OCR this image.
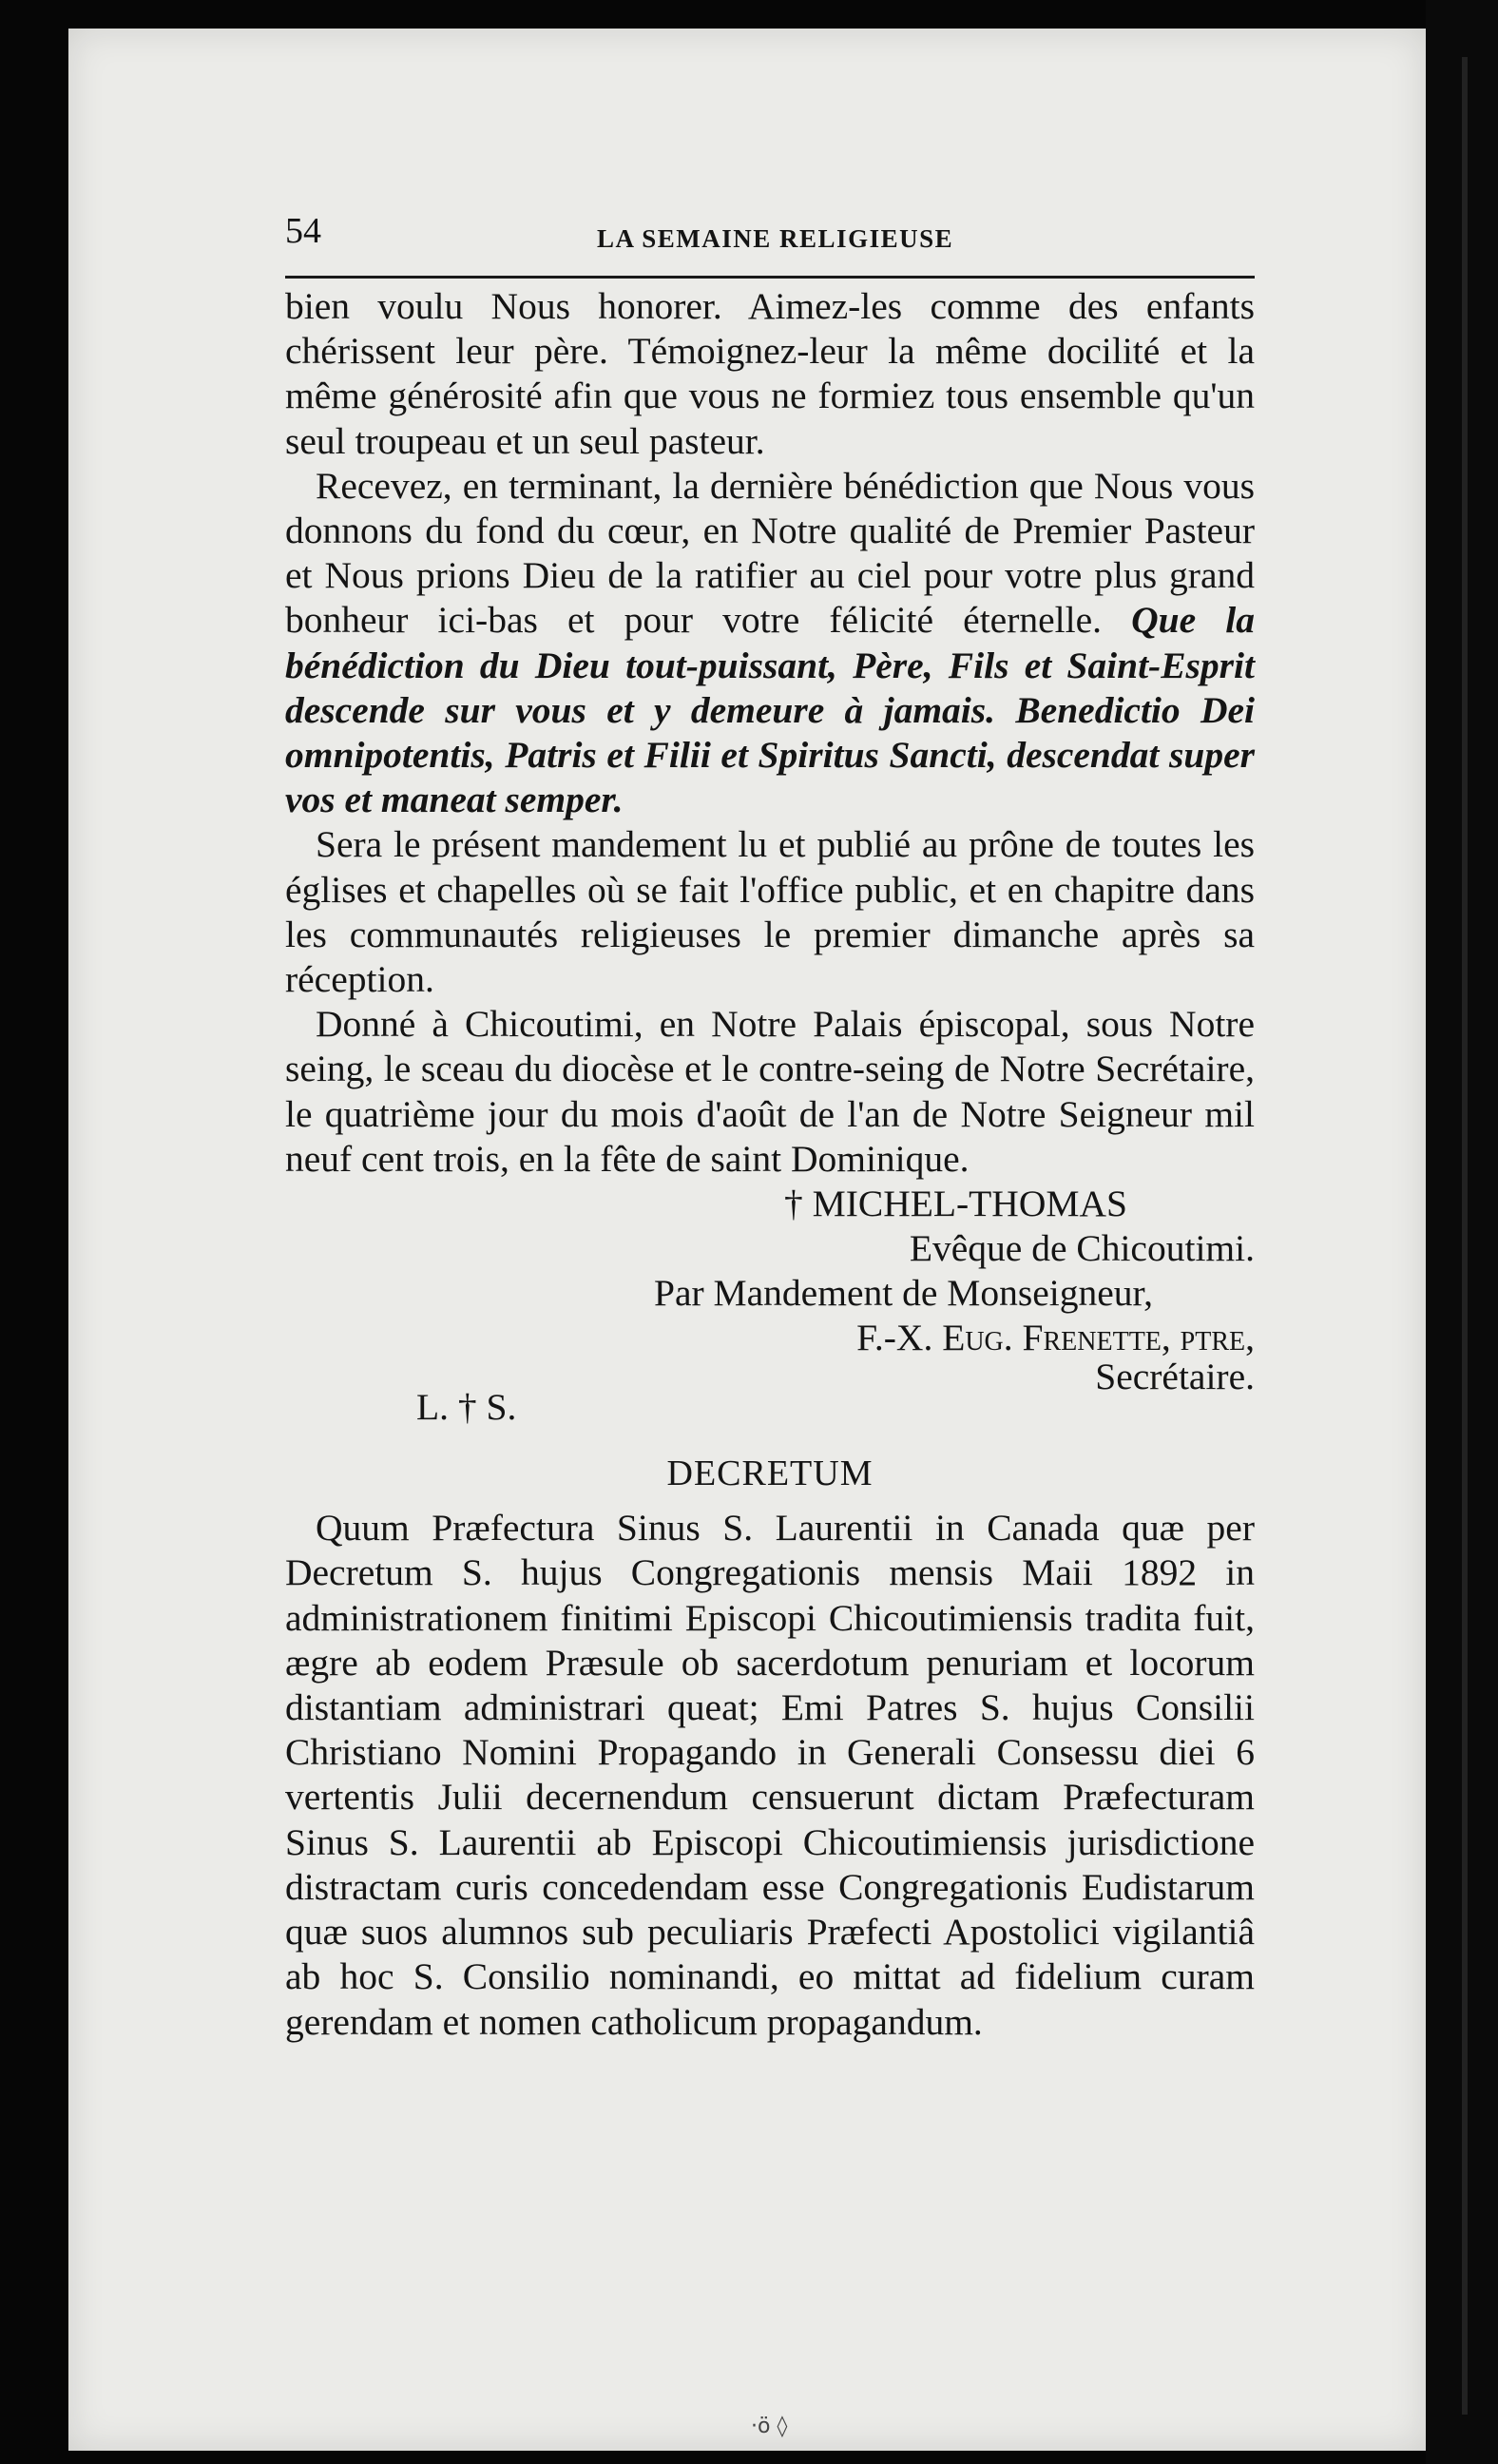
54	LA SEMAINE RELIGIEUSE

bien voulu Nous honorer. Aimez-les comme des enfants chérissent leur père. Témoignez-leur la même docilité et la même générosité afin que vous ne formiez tous ensemble qu'un seul troupeau et un seul pasteur.

Recevez, en terminant, la dernière bénédiction que Nous vous donnons du fond du cœur, en Notre qualité de Premier Pasteur et Nous prions Dieu de la ratifier au ciel pour votre plus grand bonheur ici-bas et pour votre félicité éternelle. Que la bénédiction du Dieu tout-puissant, Père, Fils et Saint-Esprit descende sur vous et y demeure à jamais. Benedictio Dei omnipotentis, Patris et Filii et Spiritus Sancti, descendat super vos et maneat semper.

Sera le présent mandement lu et publié au prône de toutes les églises et chapelles où se fait l'office public, et en chapitre dans les communautés religieuses le premier dimanche après sa réception.

Donné à Chicoutimi, en Notre Palais épiscopal, sous Notre seing, le sceau du diocèse et le contre-seing de Notre Secrétaire, le quatrième jour du mois d'août de l'an de Notre Seigneur mil neuf cent trois, en la fête de saint Dominique.

† MICHEL-THOMAS
Evêque de Chicoutimi.
Par Mandement de Monseigneur,
F.-X. Eug. Frenette, ptre,
L. † S.
Secrétaire.
DECRETUM

Quum Præfectura Sinus S. Laurentii in Canada quæ per Decretum S. hujus Congregationis mensis Maii 1892 in administrationem finitimi Episcopi Chicoutimiensis tradita fuit, ægre ab eodem Præsule ob sacerdotum penuriam et locorum distantiam administrari queat; Emi Patres S. hujus Consilii Christiano Nomini Propagando in Generali Consessu diei 6 vertentis Julii decernendum censuerunt dictam Præfecturam Sinus S. Laurentii ab Episcopi Chicoutimiensis jurisdictione distractam curis concedendam esse Congregationis Eudistarum quæ suos alumnos sub peculiaris Præfecti Apostolici vigilantiâ ab hoc S. Consilio nominandi, eo mittat ad fidelium curam gerendam et nomen catholicum propagandum.

·ö ◊
